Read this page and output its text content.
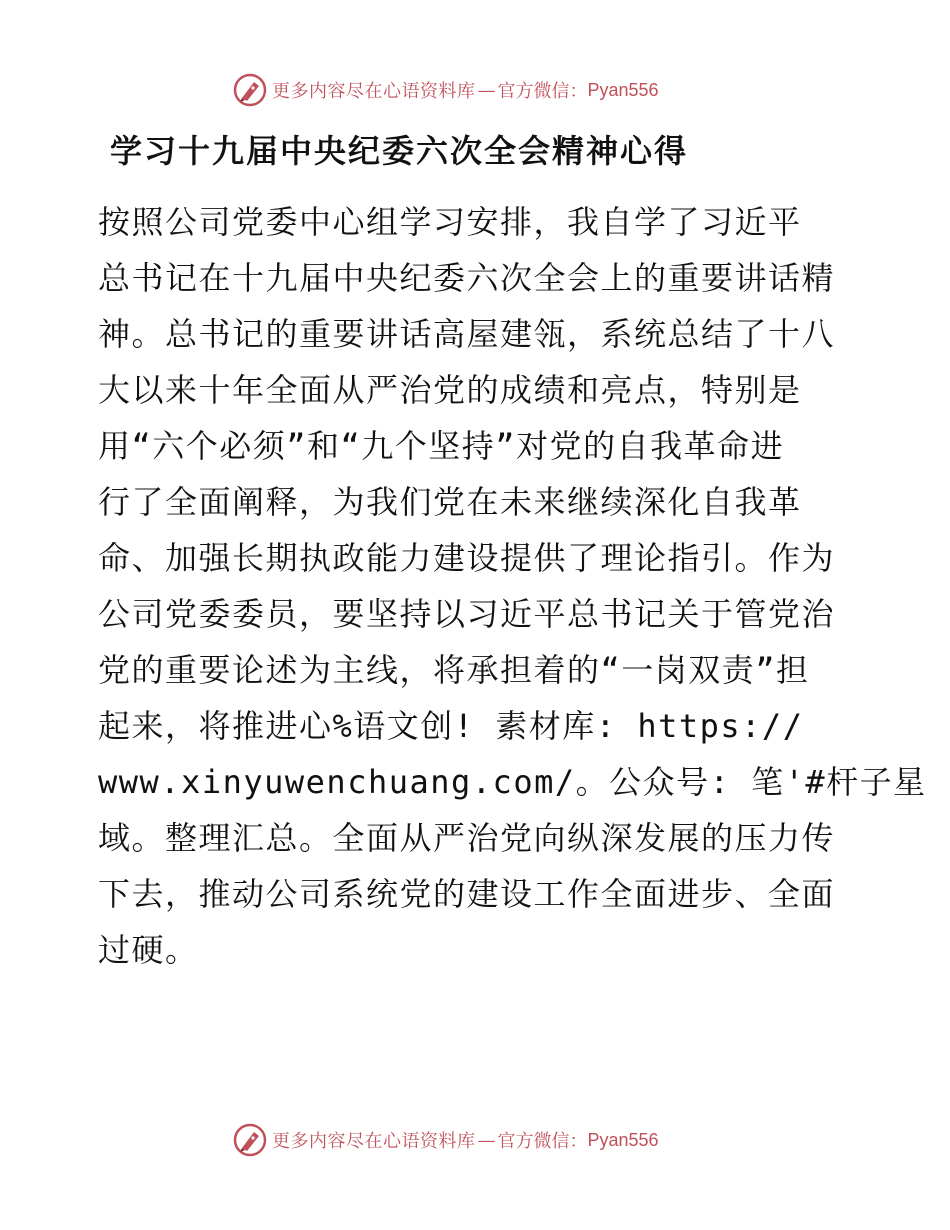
更多内容尽在心语资料库 — 官方微信： Pyan556
学习十九届中央纪委六次全会精神心得
按照公司党委中心组学习安排，我自学了习近平
总书记在十九届中央纪委六次全会上的重要讲话精
神。总书记的重要讲话高屋建瓴，系统总结了十八
大以来十年全面从严治党的成绩和亮点，特别是
用“六个必须”和“九个坚持”对党的自我革命进
行了全面阐释，为我们党在未来继续深化自我革
命、加强长期执政能力建设提供了理论指引。作为
公司党委委员，要坚持以习近平总书记关于管党治
党的重要论述为主线，将承担着的“一岗双责”担
起来，将推进心%语文创! 素材库: https://
www.xinyuwenchuang.com/。公众号: 笔'#杆子星
域。整理汇总。全面从严治党向纵深发展的压力传
下去，推动公司系统党的建设工作全面进步、全面
过硬。
更多内容尽在心语资料库 — 官方微信： Pyan556
